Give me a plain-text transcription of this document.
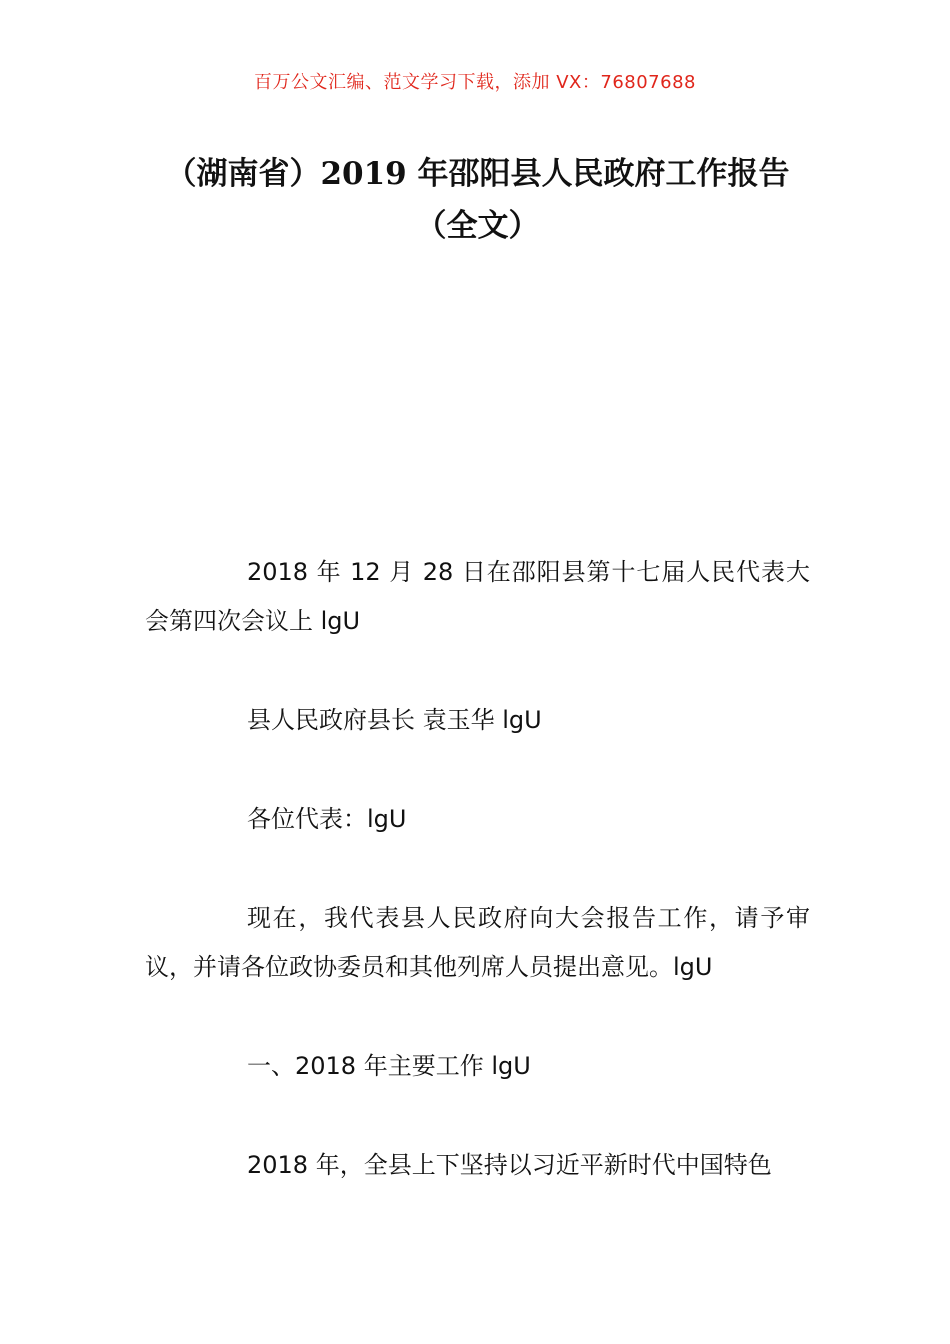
百万公文汇编、范文学习下载，添加 VX：76807688
（湖南省）2019 年邵阳县人民政府工作报告（全文）

2018 年 12 月 28 日在邵阳县第十七届人民代表大会第四次会议上 lgU

县人民政府县长 袁玉华 lgU

各位代表：lgU

现在，我代表县人民政府向大会报告工作，请予审议，并请各位政协委员和其他列席人员提出意见。lgU

一、2018 年主要工作 lgU

2018 年，全县上下坚持以习近平新时代中国特色
